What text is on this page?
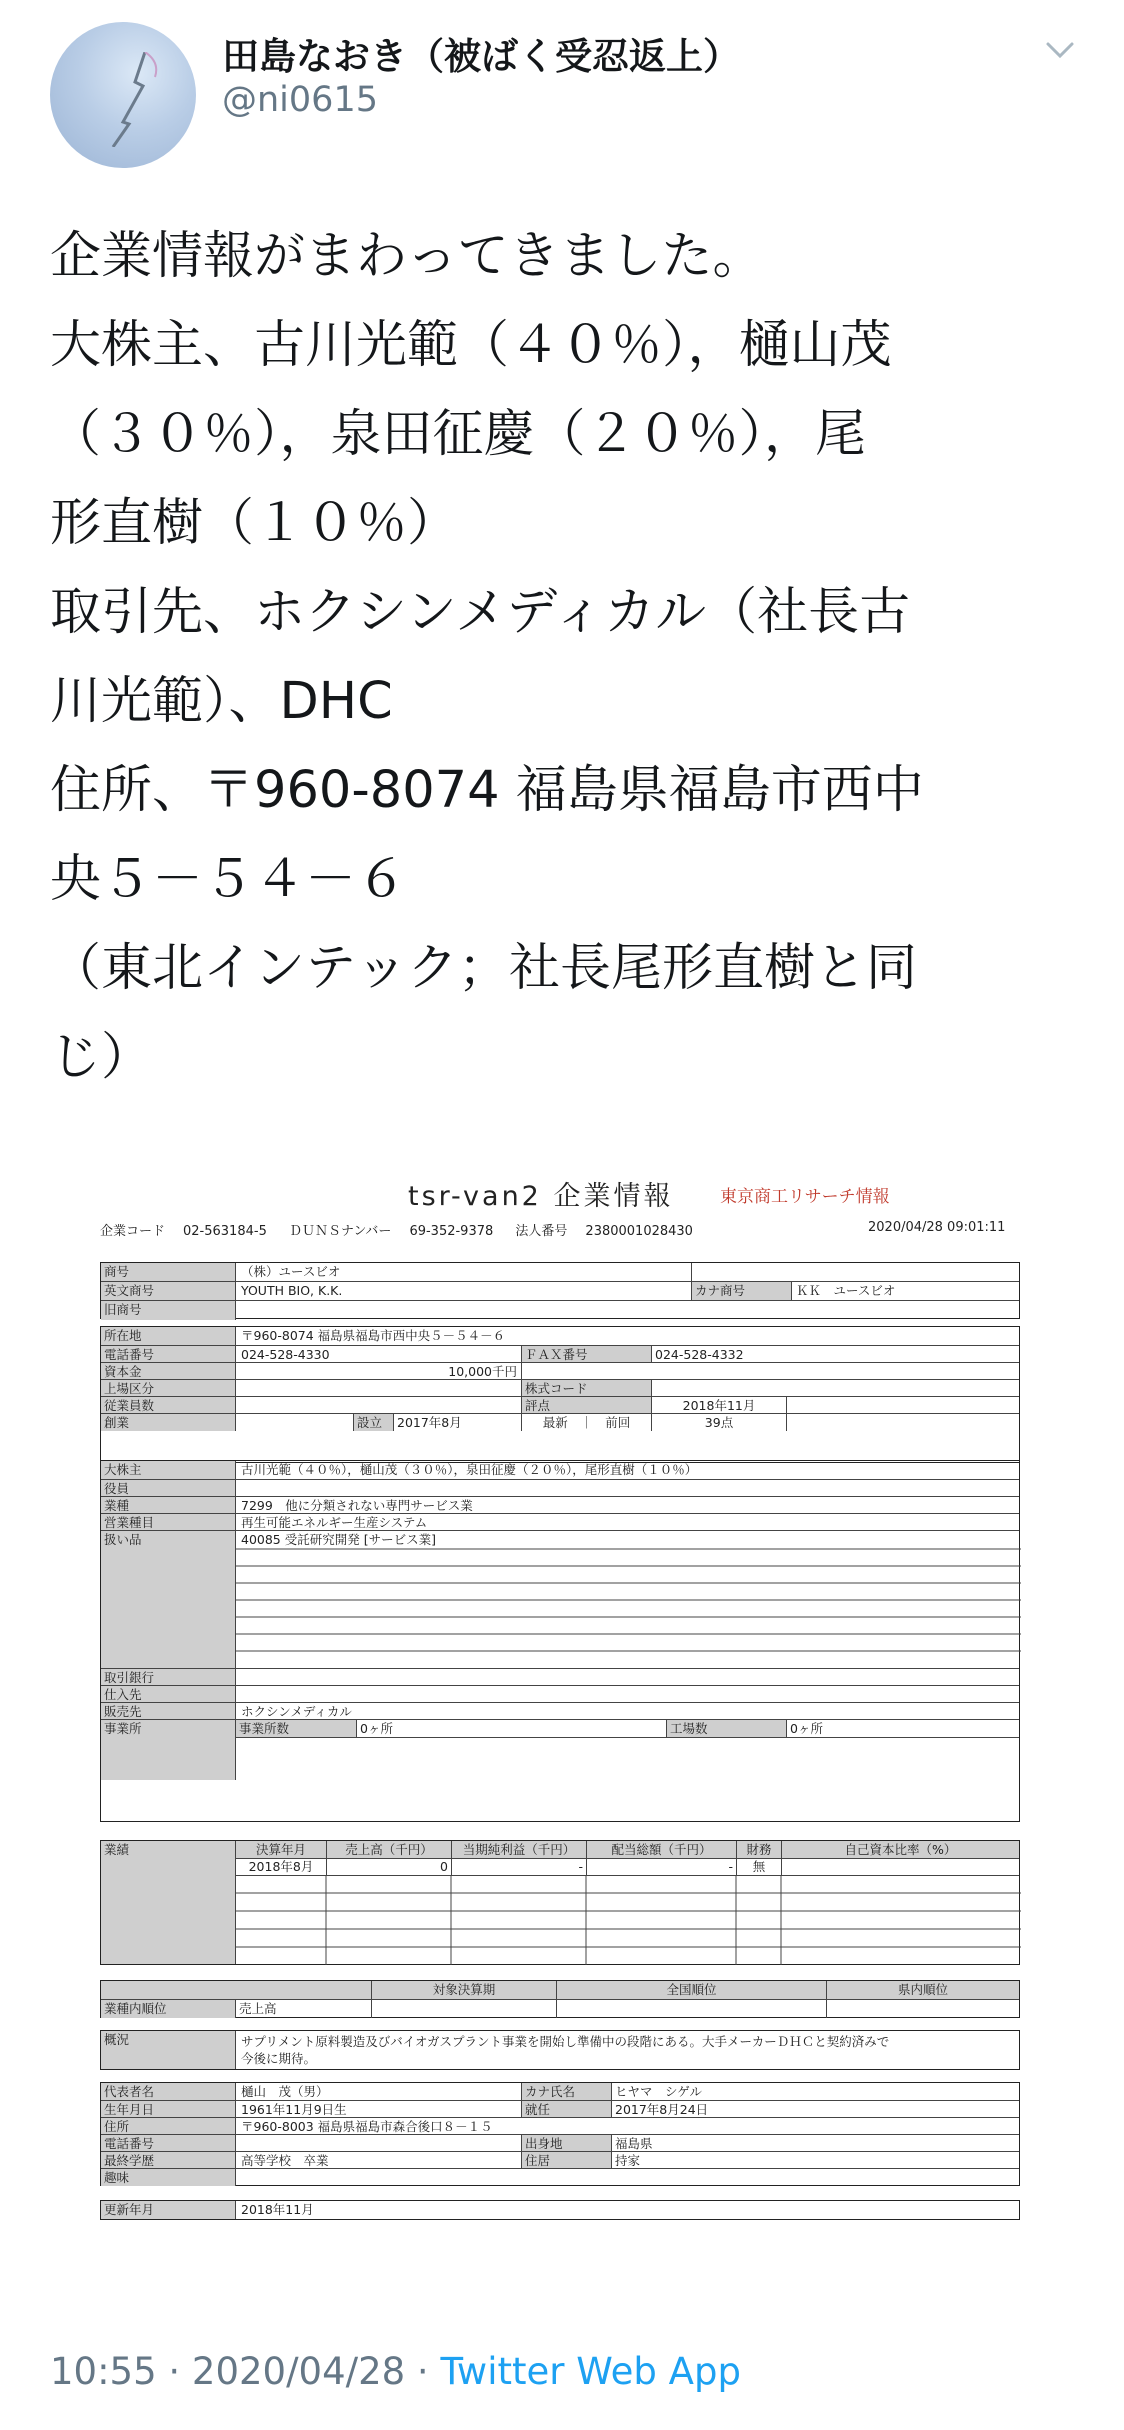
田島なおき（被ばく受忍返上）
@ni0615
企業情報がまわってきました。
大株主、古川光範（４０％），樋山茂
（３０％），泉田征慶（２０％），尾
形直樹（１０％）
取引先、ホクシンメディカル（社長古
川光範）、DHC
住所、〒960-8074 福島県福島市西中
央５－５４－６
（東北インテック；社長尾形直樹と同
じ）
tsr-van2 企業情報	東京商工リサーチ情報
企業コード 02-563184-5 ＤＵＮＳナンバー 69-352-9378 法人番号 2380001028430	2020/04/28 09:01:11
商号	（株）ユースビオ
英文商号	YOUTH BIO, K.K.	カナ商号	ＫＫ　ユースビオ
旧商号
所在地	〒960-8074 福島県福島市西中央５－５４－６
電話番号	024-528-4330	ＦＡＸ番号	024-528-4332
資本金	10,000千円
上場区分	株式コード
従業員数	評点	2018年11月
創業	設立	2017年8月	最新　｜　前回	39点
大株主	古川光範（４０％），樋山茂（３０％），泉田征慶（２０％），尾形直樹（１０％）
役員
業種	7299　他に分類されない専門サービス業
営業種目	再生可能エネルギー生産システム
扱い品	40085 受託研究開発 [サービス業]
取引銀行
仕入先
販売先	ホクシンメディカル
事業所	事業所数	0ヶ所	工場数	0ヶ所
業績	決算年月	売上高（千円）	当期純利益（千円）	配当総額（千円）	財務	自己資本比率（%）
2018年8月	0	-	-	無
対象決算期	全国順位	県内順位
業種内順位	売上高
概況	サプリメント原料製造及びバイオガスプラント事業を開始し準備中の段階にある。大手メーカーＤＨＣと契約済みで
今後に期待。
代表者名	樋山　茂（男）	カナ氏名	ヒヤマ　シゲル
生年月日	1961年11月9日生	就任	2017年8月24日
住所	〒960-8003 福島県福島市森合後口８－１５
電話番号	出身地	福島県
最終学歴	高等学校　卒業	住居	持家
趣味
更新年月	2018年11月
10:55 · 2020/04/28 · Twitter Web App
